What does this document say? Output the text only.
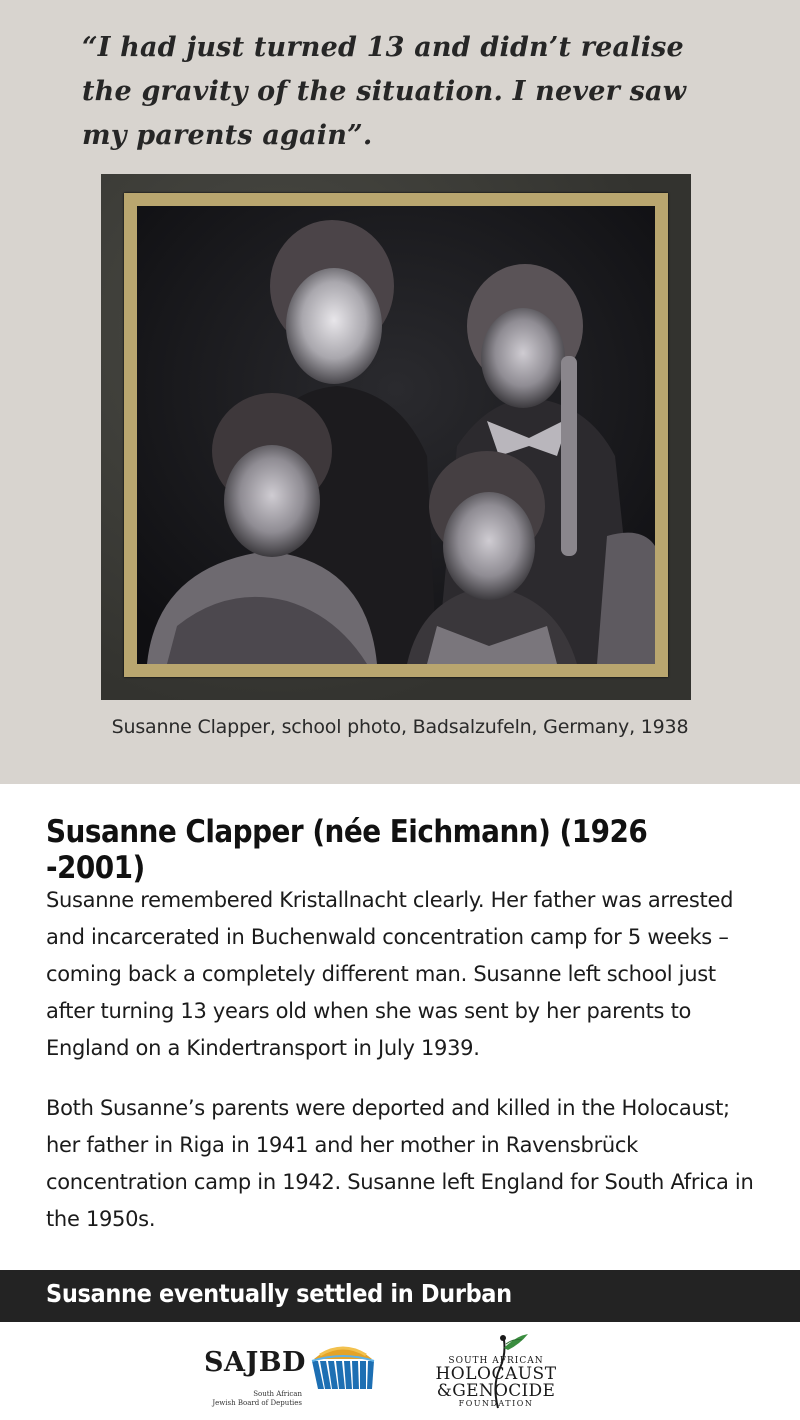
“I had just turned 13 and didn’t realise
the gravity of the situation. I never saw
my parents again”.
Susanne Clapper, school photo, Badsalzufeln, Germany, 1938
Susanne Clapper (née Eichmann) (1926 -2001)

Susanne remembered Kristallnacht clearly. Her father was arrested and incarcerated in Buchenwald concentration camp for 5 weeks – coming back a completely different man. Susanne left school just after turning 13 years old when she was sent by her parents to England on a Kindertransport in July 1939.

Both Susanne’s parents were deported and killed in the Holocaust; her father in Riga in 1941 and her mother in Ravensbrück concentration camp in 1942. Susanne left England for South Africa in the 1950s.

Susanne eventually settled in Durban
SAJBD
South African
Jewish Board of Deputies
SOUTH AFRICAN
HOLOCAUST
&GENOCIDE
FOUNDATION
